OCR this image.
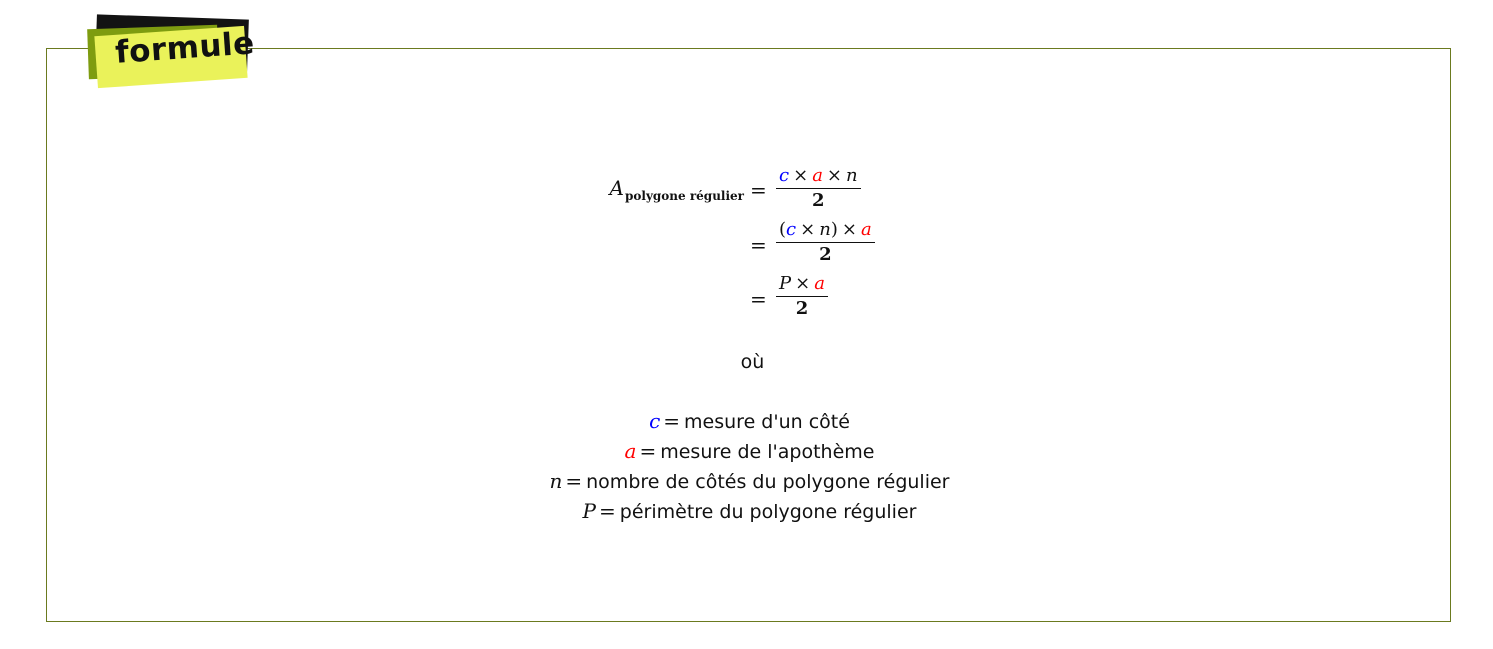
formule
A polygone régulier =
c × a × n
2
=
(c × n) × a
2
=
P × a
2
où
c = mesure d'un côté
a = mesure de l'apothème
n = nombre de côtés du polygone régulier
P = périmètre du polygone régulier
